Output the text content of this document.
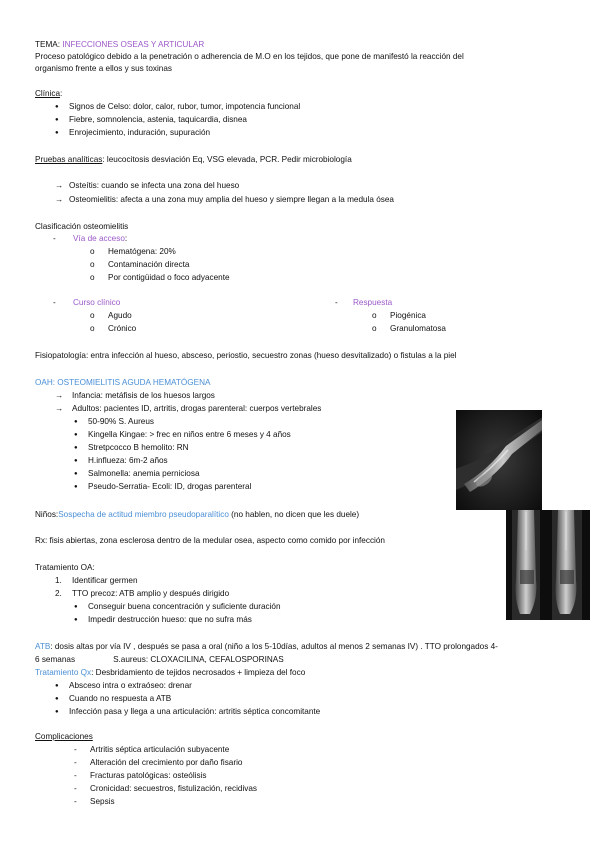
TEMA: INFECCIONES OSEAS Y ARTICULAR
Proceso patológico debido a la penetración o adherencia de M.O en los tejidos, que pone de manifestó la reacción del
organismo frente a ellos y sus toxinas
Clínica:
●Signos de Celso: dolor, calor, rubor, tumor, impotencia funcional
●Fiebre, somnolencia, astenia, taquicardia, disnea
●Enrojecimiento, induración, supuración
Pruebas analíticas: leucocitosis desviación Eq, VSG elevada, PCR. Pedir microbiología
→ Osteítis: cuando se infecta una zona del hueso
→ Osteomielitis: afecta a una zona muy amplia del hueso y siempre llegan a la medula ósea
Clasificación osteomielitis
- Vía de acceso:
o Hematógena: 20%
o Contaminación directa
o Por contigüidad o foco adyacente
- Curso clínico
o Agudo
o Crónico
- Respuesta
o Piogénica
o Granulomatosa
Fisiopatología: entra infección al hueso, absceso, periostio, secuestro zonas (hueso desvitalizado) o fistulas a la piel
OAH: OSTEOMIELITIS AGUDA HEMATÓGENA
→ Infancia: metáfisis de los huesos largos
→ Adultos: pacientes ID, artritis, drogas parenteral: cuerpos vertebrales
●50-90% S. Aureus
●Kingella Kingae: > frec en niños entre 6 meses y 4 años
●Stretpcocco B hemolito: RN
●H.influeza: 6m-2 años
●Salmonella: anemia perniciosa
●Pseudo-Serratia- Ecoli: ID, drogas parenteral
Niños:Sospecha de actitud miembro pseudoparalítico (no hablen, no dicen que les duele)
Rx: fisis abiertas, zona esclerosa dentro de la medular osea, aspecto como comido por infección
Tratamiento OA:
1. Identificar germen
2. TTO precoz: ATB amplio y después dirigido
●Conseguir buena concentración y suficiente duración
●Impedir destrucción hueso: que no sufra más
ATB: dosis altas por vía IV , después se pasa a oral (niño a los 5-10días, adultos al menos 2 semanas IV) . TTO prolongados 4-
6 semanas	S.aureus: CLOXACILINA, CEFALOSPORINAS
Tratamiento Qx: Desbridamiento de tejidos necrosados + limpieza del foco
●Absceso intra o extraóseo: drenar
●Cuando no respuesta a ATB
●Infección pasa y llega a una articulación: artritis séptica concomitante
Complicaciones
- Artritis séptica articulación subyacente
- Alteración del crecimiento por daño fisario
- Fracturas patológicas: osteólisis
- Cronicidad: secuestros, fistulización, recidivas
- Sepsis
